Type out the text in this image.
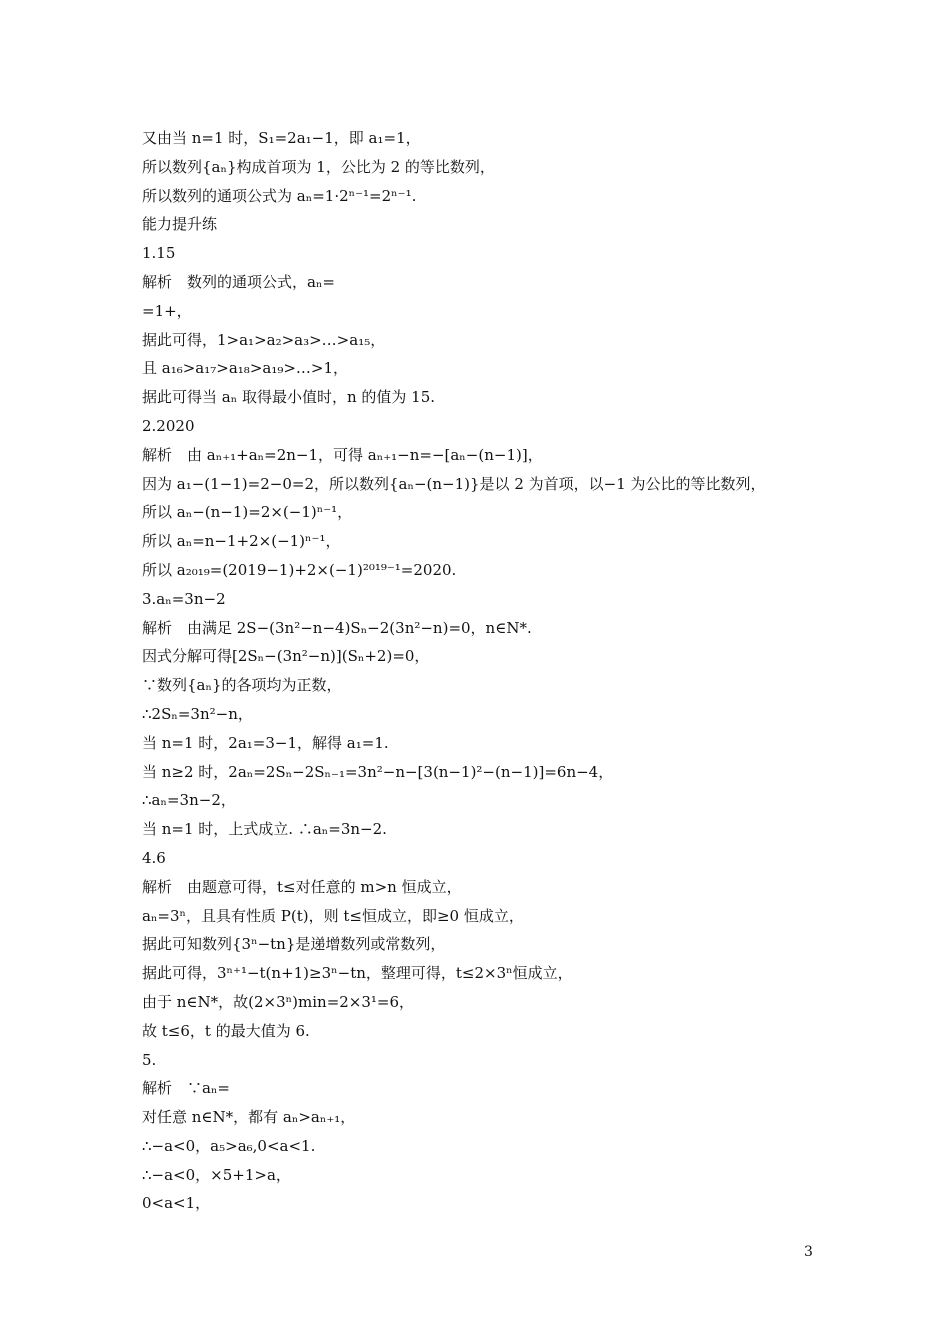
又由当 n=1 时，S₁=2a₁−1，即 a₁=1，
所以数列{aₙ}构成首项为 1，公比为 2 的等比数列，
所以数列的通项公式为 aₙ=1·2ⁿ⁻¹=2ⁿ⁻¹.
能力提升练
1.15
解析　数列的通项公式，aₙ=
=1+，
据此可得，1>a₁>a₂>a₃>…>a₁₅，
且 a₁₆>a₁₇>a₁₈>a₁₉>…>1，
据此可得当 aₙ 取得最小值时，n 的值为 15.
2.2020
解析　由 aₙ₊₁+aₙ=2n−1，可得 aₙ₊₁−n=−[aₙ−(n−1)]，
因为 a₁−(1−1)=2−0=2，所以数列{aₙ−(n−1)}是以 2 为首项，以−1 为公比的等比数列，
所以 aₙ−(n−1)=2×(−1)ⁿ⁻¹，
所以 aₙ=n−1+2×(−1)ⁿ⁻¹，
所以 a₂₀₁₉=(2019−1)+2×(−1)²⁰¹⁹⁻¹=2020.
3.aₙ=3n−2
解析　由满足 2S−(3n²−n−4)Sₙ−2(3n²−n)=0，n∈N*.
因式分解可得[2Sₙ−(3n²−n)](Sₙ+2)=0，
∵数列{aₙ}的各项均为正数，
∴2Sₙ=3n²−n，
当 n=1 时，2a₁=3−1，解得 a₁=1.
当 n≥2 时，2aₙ=2Sₙ−2Sₙ₋₁=3n²−n−[3(n−1)²−(n−1)]=6n−4，
∴aₙ=3n−2，
当 n=1 时，上式成立. ∴aₙ=3n−2.
4.6
解析　由题意可得，t≤对任意的 m>n 恒成立，
aₙ=3ⁿ，且具有性质 P(t)，则 t≤恒成立，即≥0 恒成立，
据此可知数列{3ⁿ−tn}是递增数列或常数列，
据此可得，3ⁿ⁺¹−t(n+1)≥3ⁿ−tn，整理可得，t≤2×3ⁿ恒成立，
由于 n∈N*，故(2×3ⁿ)min=2×3¹=6，
故 t≤6，t 的最大值为 6.
5.
解析　∵aₙ=
对任意 n∈N*，都有 aₙ>aₙ₊₁，
∴−a<0，a₅>a₆,0<a<1.
∴−a<0，×5+1>a，
0<a<1，
3
